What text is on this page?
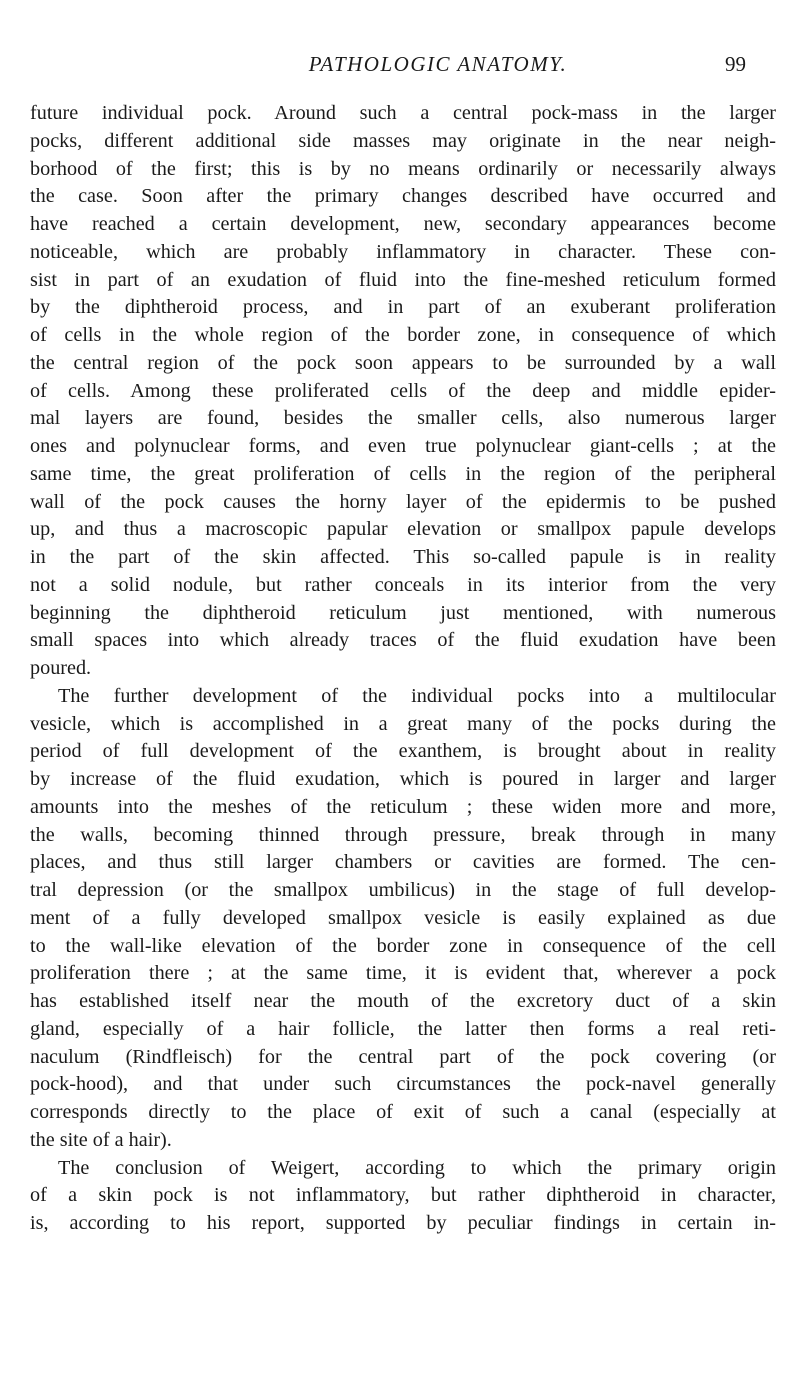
PATHOLOGIC ANATOMY.	99
future individual pock. Around such a central pock-mass in the larger
pocks, different additional side masses may originate in the near neigh-
borhood of the first; this is by no means ordinarily or necessarily always
the case. Soon after the primary changes described have occurred and
have reached a certain development, new, secondary appearances become
noticeable, which are probably inflammatory in character. These con-
sist in part of an exudation of fluid into the fine-meshed reticulum formed
by the diphtheroid process, and in part of an exuberant proliferation
of cells in the whole region of the border zone, in consequence of which
the central region of the pock soon appears to be surrounded by a wall
of cells. Among these proliferated cells of the deep and middle epider-
mal layers are found, besides the smaller cells, also numerous larger
ones and polynuclear forms, and even true polynuclear giant-cells ; at the
same time, the great proliferation of cells in the region of the peripheral
wall of the pock causes the horny layer of the epidermis to be pushed
up, and thus a macroscopic papular elevation or smallpox papule develops
in the part of the skin affected. This so-called papule is in reality
not a solid nodule, but rather conceals in its interior from the very
beginning the diphtheroid reticulum just mentioned, with numerous
small spaces into which already traces of the fluid exudation have been
poured.
The further development of the individual pocks into a multilocular
vesicle, which is accomplished in a great many of the pocks during the
period of full development of the exanthem, is brought about in reality
by increase of the fluid exudation, which is poured in larger and larger
amounts into the meshes of the reticulum ; these widen more and more,
the walls, becoming thinned through pressure, break through in many
places, and thus still larger chambers or cavities are formed. The cen-
tral depression (or the smallpox umbilicus) in the stage of full develop-
ment of a fully developed smallpox vesicle is easily explained as due
to the wall-like elevation of the border zone in consequence of the cell
proliferation there ; at the same time, it is evident that, wherever a pock
has established itself near the mouth of the excretory duct of a skin
gland, especially of a hair follicle, the latter then forms a real reti-
naculum (Rindfleisch) for the central part of the pock covering (or
pock-hood), and that under such circumstances the pock-navel generally
corresponds directly to the place of exit of such a canal (especially at
the site of a hair).
The conclusion of Weigert, according to which the primary origin
of a skin pock is not inflammatory, but rather diphtheroid in character,
is, according to his report, supported by peculiar findings in certain in-
